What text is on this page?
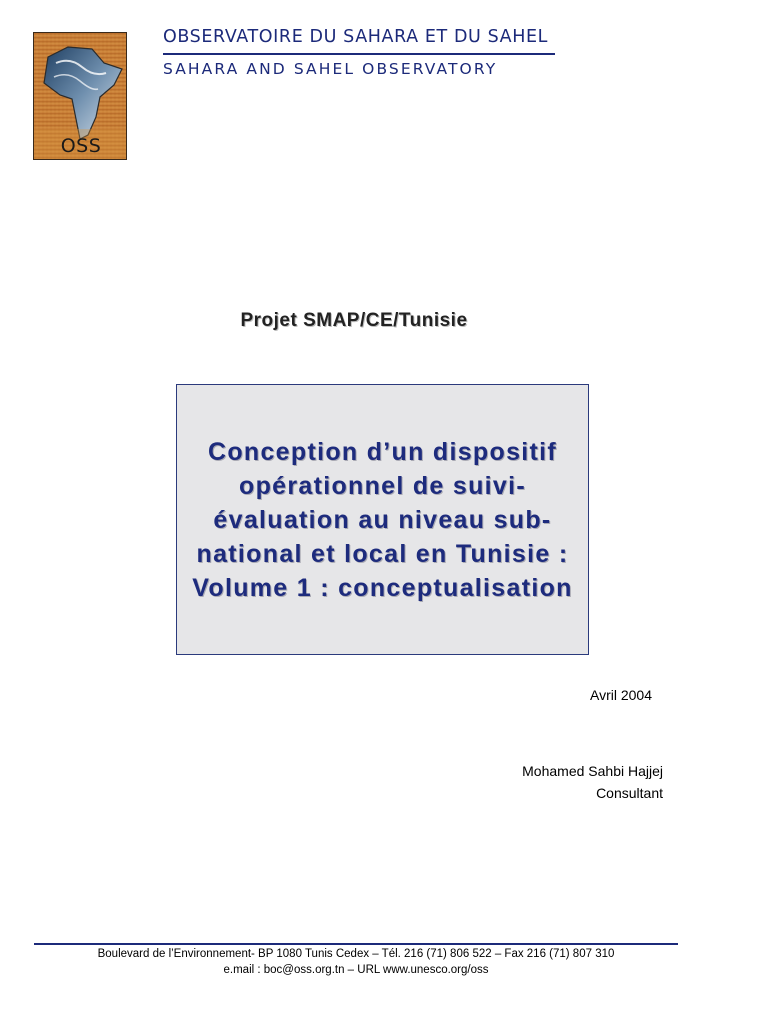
OSS
OBSERVATOIRE DU SAHARA ET DU SAHEL
SAHARA AND SAHEL OBSERVATORY
Projet SMAP/CE/Tunisie

Conception d’un dispositif opérationnel de suivi-évaluation au niveau sub-national et local en Tunisie : Volume 1 : conceptualisation

Avril 2004
Mohamed Sahbi Hajjej
Consultant
Boulevard de l’Environnement- BP 1080 Tunis Cedex – Tél. 216 (71) 806 522 – Fax 216 (71) 807 310
e.mail : boc@oss.org.tn – URL www.unesco.org/oss
